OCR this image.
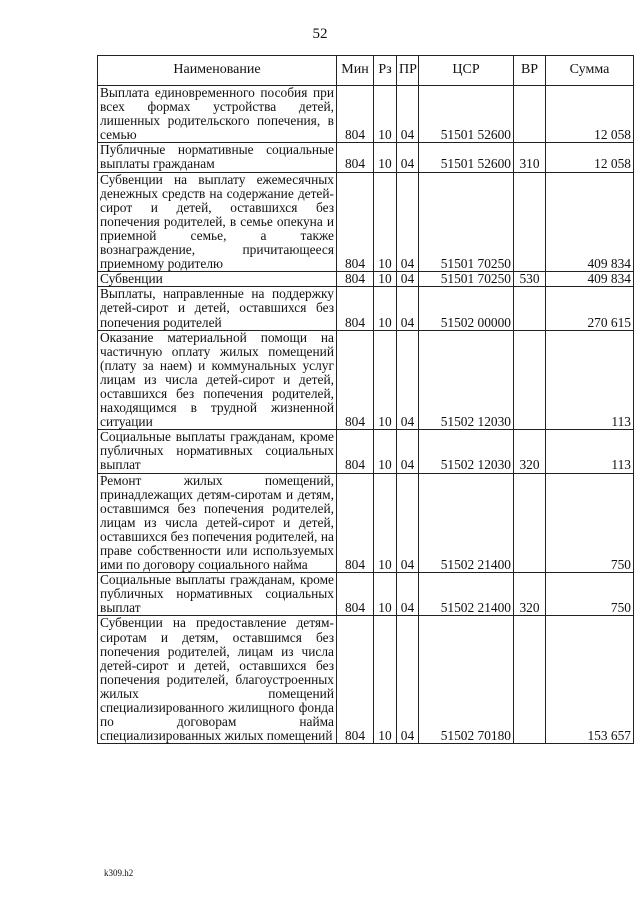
52
Наименование	Мин	Рз	ПР	ЦСР	ВР	Сумма
Выплата единовременного пособия при всех формах устройства детей, лишенных родительского попечения, в семью	804	10	04	51501 52600		12 058
Публичные нормативные социальные выплаты гражданам	804	10	04	51501 52600	310	12 058
Субвенции на выплату ежемесячных денежных средств на содержание детей-сирот и детей, оставшихся без попечения родителей, в семье опекуна и приемной семье, а также вознаграждение, причитающееся приемному родителю	804	10	04	51501 70250		409 834
Субвенции	804	10	04	51501 70250	530	409 834
Выплаты, направленные на поддержку детей-сирот и детей, оставшихся без попечения родителей	804	10	04	51502 00000		270 615
Оказание материальной помощи на частичную оплату жилых помещений (плату за наем) и коммунальных услуг лицам из числа детей-сирот и детей, оставшихся без попечения родителей, находящимся в трудной жизненной ситуации	804	10	04	51502 12030		113
Социальные выплаты гражданам, кроме публичных нормативных социальных выплат	804	10	04	51502 12030	320	113
Ремонт жилых помещений, принадлежащих детям-сиротам и детям, оставшимся без попечения родителей, лицам из числа детей-сирот и детей, оставшихся без попечения родителей, на праве собственности или используемых ими по договору социального найма	804	10	04	51502 21400		750
Социальные выплаты гражданам, кроме публичных нормативных социальных выплат	804	10	04	51502 21400	320	750
Субвенции на предоставление детям-сиротам и детям, оставшимся без попечения родителей, лицам из числа детей-сирот и детей, оставшихся без попечения родителей, благоустроенных жилых помещений специализированного жилищного фонда по договорам найма специализированных жилых помещений	804	10	04	51502 70180		153 657
k309.h2
